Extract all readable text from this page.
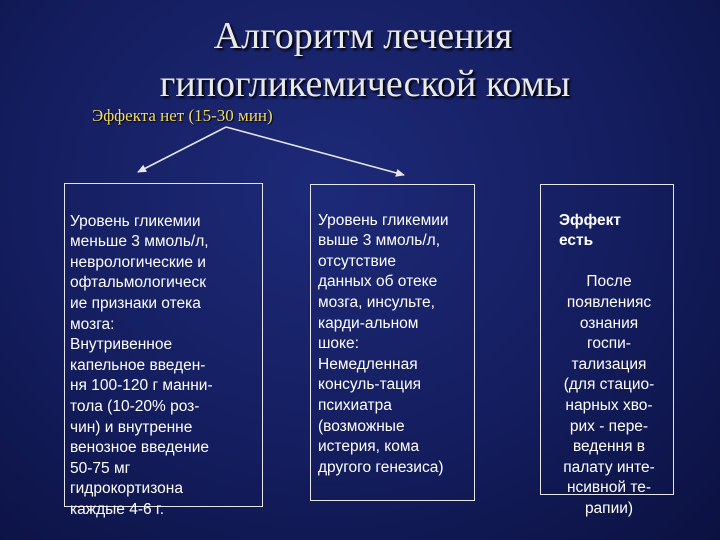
Алгоритм лечения
гипогликемической комы
Эффекта нет (15-30 мин)

Уровень гликемии
меньше 3 ммоль/л,
неврологические и
офтальмологическ
ие признаки отека
мозга:
Внутривенное
капельное введен-
ня 100-120 г манни-
тола (10-20% роз-
чин) и внутренне
венозное введение
50-75 мг
гидрокортизона
каждые 4-6 г.

Уровень гликемии
выше 3 ммоль/л,
отсутствие
данных об отеке
мозга, инсульте,
карди-альном
шоке:
Немедленная
консуль-тация
психиатра
(возможные
истерия, кома
другого генезиса)

Эффект
есть

После
появленияс
ознания
госпи-
тализация
(для стацио-
нарных хво-
рих - пере-
ведення в
палату инте-
нсивной те-
рапии)
